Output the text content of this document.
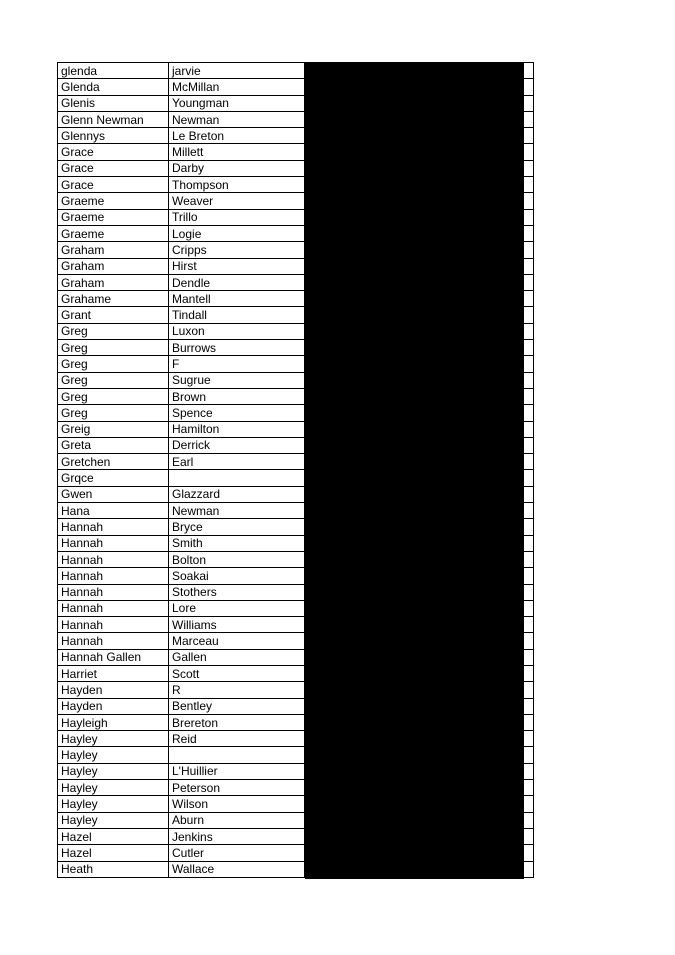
glenda	jarvie	
Glenda	McMillan	
Glenis	Youngman	
Glenn Newman	Newman	
Glennys	Le Breton	
Grace	Millett	
Grace	Darby	
Grace	Thompson	
Graeme	Weaver	
Graeme	Trillo	
Graeme	Logie	
Graham	Cripps	
Graham	Hirst	
Graham	Dendle	
Grahame	Mantell	
Grant	Tindall	
Greg	Luxon	
Greg	Burrows	
Greg	F	
Greg	Sugrue	
Greg	Brown	
Greg	Spence	
Greig	Hamilton	
Greta	Derrick	
Gretchen	Earl	
Grqce		
Gwen	Glazzard	
Hana	Newman	
Hannah	Bryce	
Hannah	Smith	
Hannah	Bolton	
Hannah	Soakai	
Hannah	Stothers	
Hannah	Lore	
Hannah	Williams	
Hannah	Marceau	
Hannah Gallen	Gallen	
Harriet	Scott	
Hayden	R	
Hayden	Bentley	
Hayleigh	Brereton	
Hayley	Reid	
Hayley		
Hayley	L'Huillier	
Hayley	Peterson	
Hayley	Wilson	
Hayley	Aburn	
Hazel	Jenkins	
Hazel	Cutler	
Heath	Wallace	
